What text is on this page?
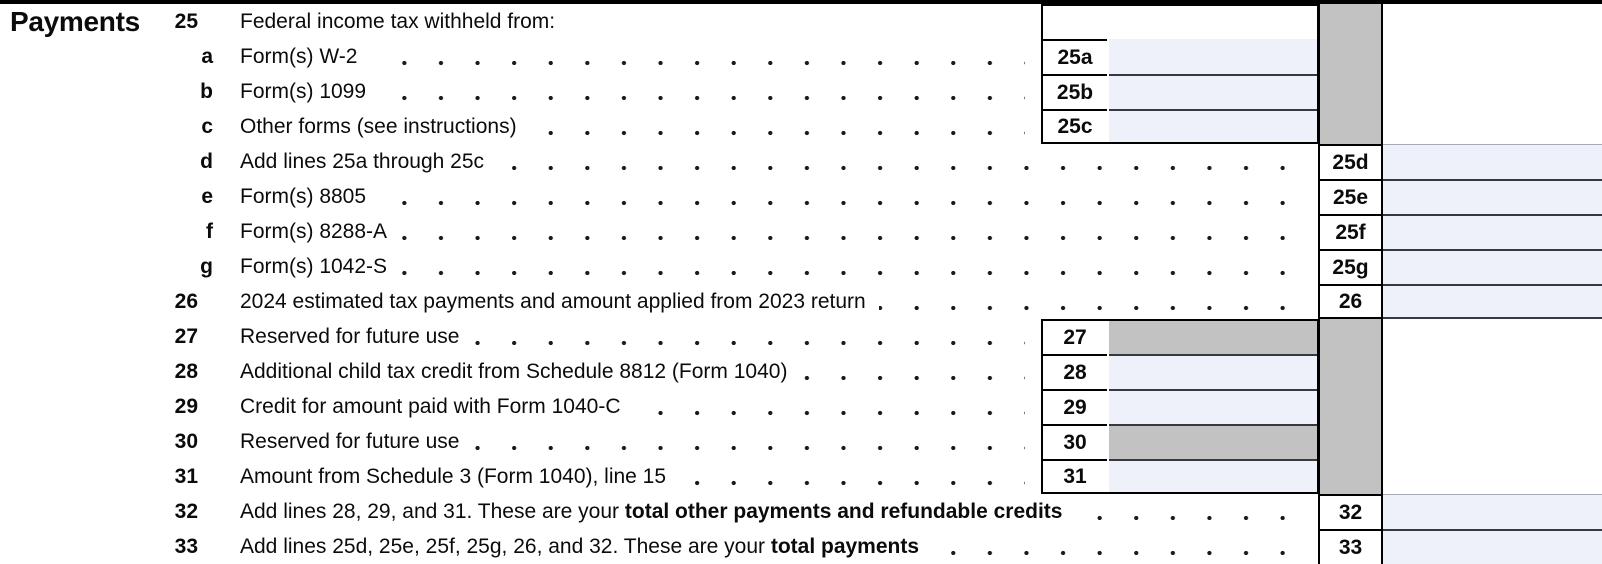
Payments	25
a
b
c
d
e
f
g
26
27
28
29
30
31
32
33
Federal income tax withheld from:
Form(s) W-2
Form(s) 1099
Other forms (see instructions)
Add lines 25a through 25c
Form(s) 8805
Form(s) 8288-A
Form(s) 1042-S
2024 estimated tax payments and amount applied from 2023 return
Reserved for future use
Additional child tax credit from Schedule 8812 (Form 1040)
Credit for amount paid with Form 1040-C
Reserved for future use
Amount from Schedule 3 (Form 1040), line 15
Add lines 28, 29, and 31. These are your total other payments and refundable credits
Add lines 25d, 25e, 25f, 25g, 26, and 32. These are your total payments
25a
25b
25c
27
28
29
30
31
25d
25e
25f
25g
26
32
33
